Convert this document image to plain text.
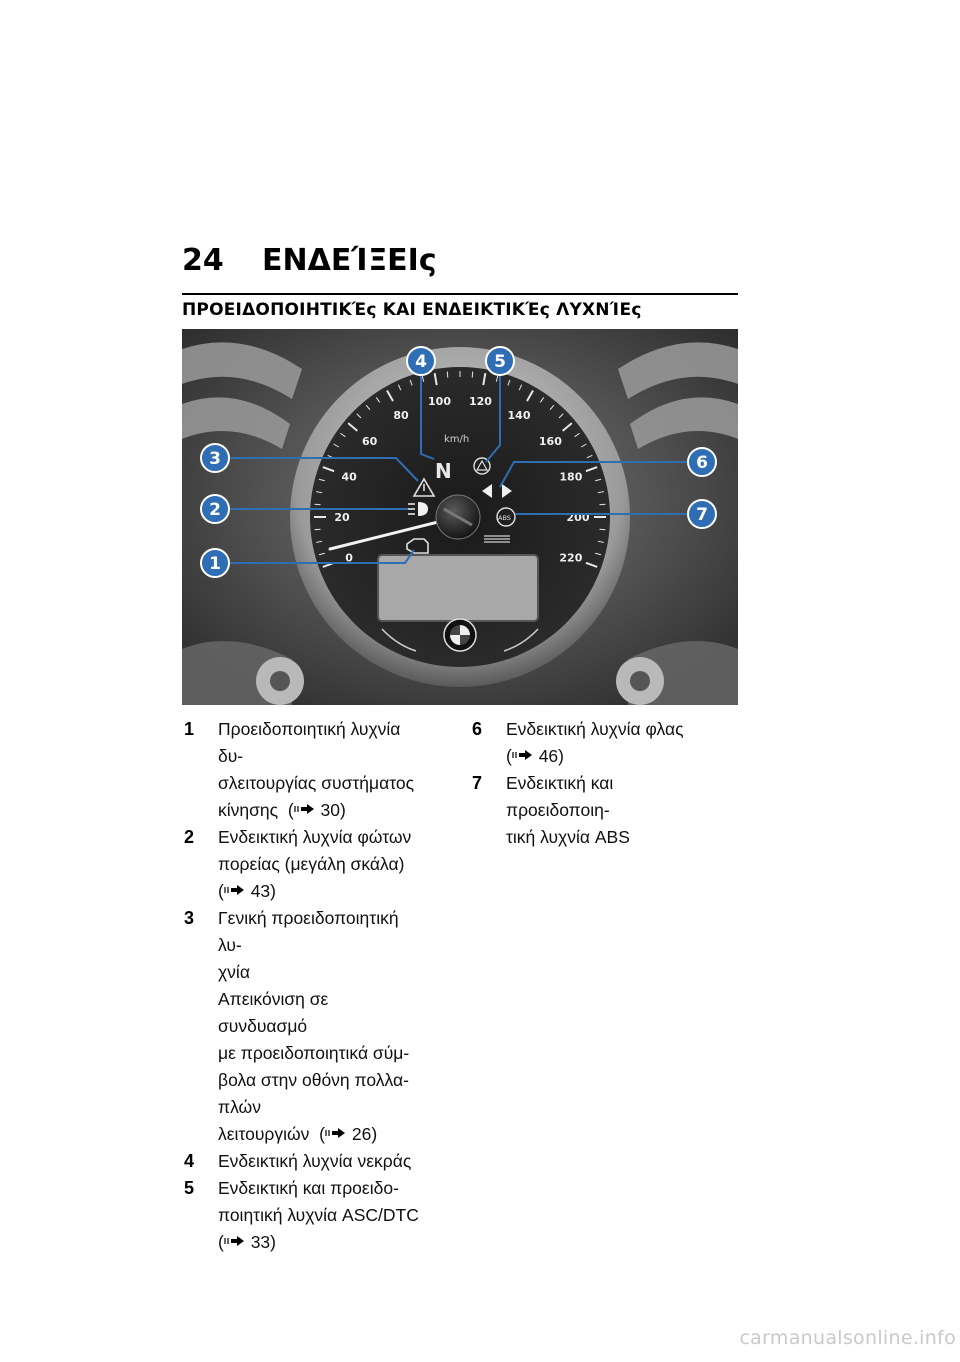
24 ΕΝΔΕΊΞΕΙς
ΠΡΟΕΙΔΟΠΟΙΗΤΙΚΈς ΚΑΙ ΕΝΔΕΙΚΤΙΚΈς ΛΥΧΝΊΕς
0
20
40
60
80
100 120
140
160
180
200
220
km/h
N
ABS
1
2
3
4	5
6
7
1 Προειδοποιητική λυχνία δυ-
σλειτουργίας συστήματος
κίνησης ( 30)
2 Ενδεικτική λυχνία φώτων
πορείας (μεγάλη σκάλα)
( 43)
3 Γενική προειδοποιητική λυ-
χνία
Απεικόνιση σε συνδυασμό
με προειδοποιητικά σύμ-
βολα στην οθόνη πολλα-
πλών λειτουργιών ( 26)
4 Ενδεικτική λυχνία νεκράς
5 Ενδεικτική και προειδο-
ποιητική λυχνία ASC/DTC
( 33)
6 Ενδεικτική λυχνία φλας
( 46)
7 Ενδεικτική και προειδοποιη-
τική λυχνία ABS
carmanualsonline.info
